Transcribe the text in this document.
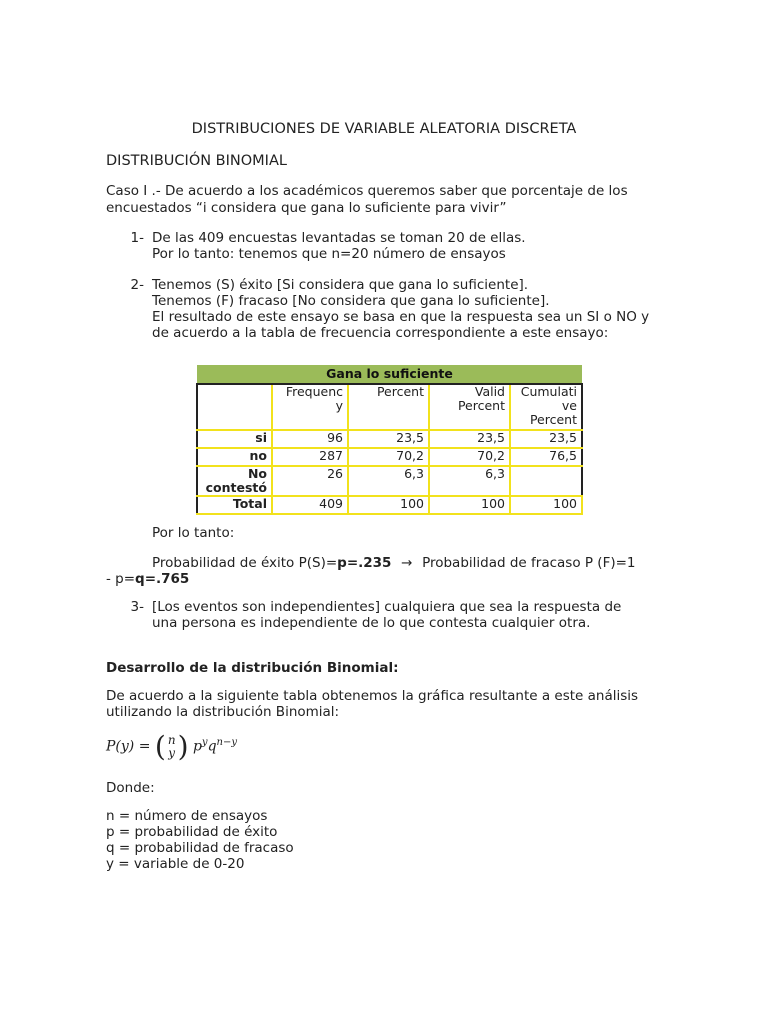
DISTRIBUCIONES DE VARIABLE ALEATORIA DISCRETA
DISTRIBUCIÓN BINOMIAL
Caso I .- De acuerdo a los académicos queremos saber que porcentaje de los
encuestados “i considera que gana lo suficiente para vivir”
1- De las 409 encuestas levantadas se toman 20 de ellas.
Por lo tanto: tenemos que n=20 número de ensayos
2- Tenemos (S) éxito [Si considera que gana lo suficiente].
Tenemos (F) fracaso [No considera que gana lo suficiente].
El resultado de este ensayo se basa en que la respuesta sea un SI o NO y
de acuerdo a la tabla de frecuencia correspondiente a este ensayo:
Gana lo suficiente				
	Frequenc y	Percent	Valid Percent	Cumulati ve Percent
si	96	23,5	23,5	23,5
no	287	70,2	70,2	76,5
No contestó	26	6,3	6,3	
Total	409	100	100	100
Por lo tanto:
Probabilidad de éxito P(S)=p=.235 → Probabilidad de fracaso P (F)=1
- p=q=.765
3- [Los eventos son independientes] cualquiera que sea la respuesta de
una persona es independiente de lo que contesta cualquier otra.
Desarrollo de la distribución Binomial:
De acuerdo a la siguiente tabla obtenemos la gráfica resultante a este análisis
utilizando la distribución Binomial:
P(y) = ( n
y) $p^yq^{n-y}$
Donde:
n = número de ensayos
p = probabilidad de éxito
q = probabilidad de fracaso
y = variable de 0-20
